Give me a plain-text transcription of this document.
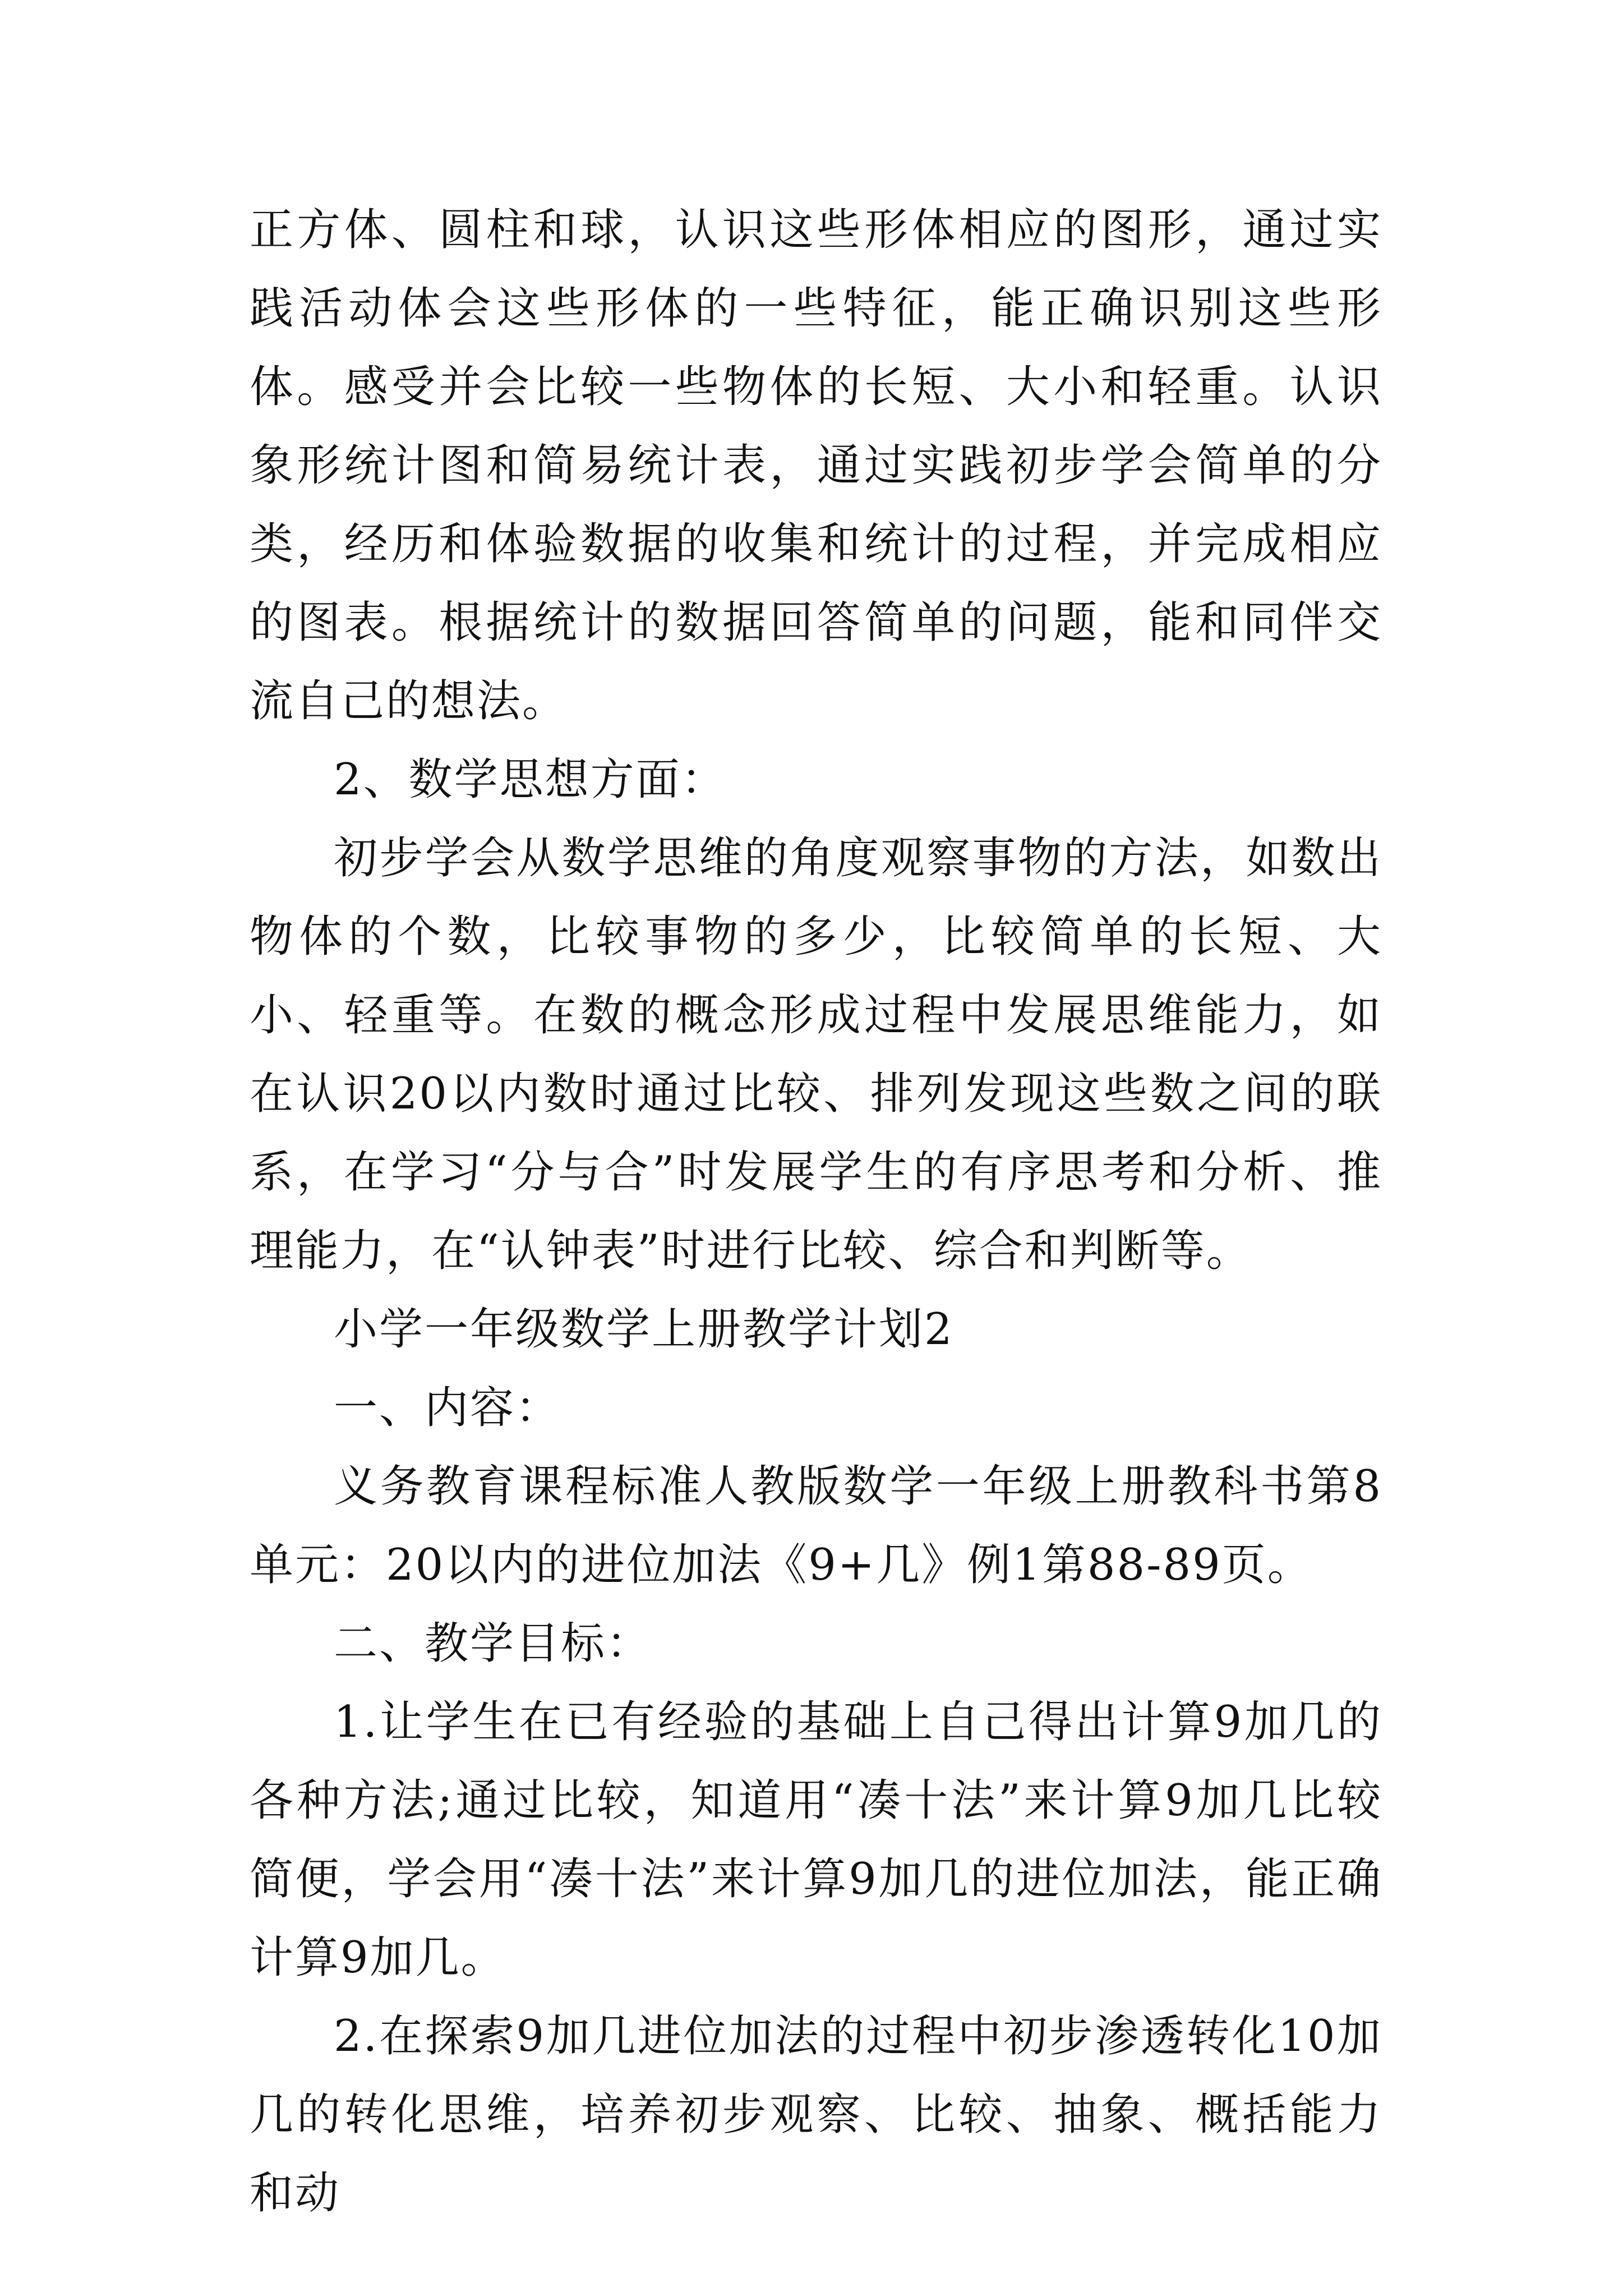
正方体、圆柱和球，认识这些形体相应的图形，通过实践活动体会这些形体的一些特征，能正确识别这些形体。感受并会比较一些物体的长短、大小和轻重。认识象形统计图和简易统计表，通过实践初步学会简单的分类，经历和体验数据的收集和统计的过程，并完成相应的图表。根据统计的数据回答简单的问题，能和同伴交流自己的想法。

2、数学思想方面：

初步学会从数学思维的角度观察事物的方法，如数出物体的个数，比较事物的多少，比较简单的长短、大小、轻重等。在数的概念形成过程中发展思维能力，如在认识20以内数时通过比较、排列发现这些数之间的联系，在学习“分与合”时发展学生的有序思考和分析、推理能力，在“认钟表”时进行比较、综合和判断等。

小学一年级数学上册教学计划2

一、内容：

义务教育课程标准人教版数学一年级上册教科书第8单元：20以内的进位加法《9+几》例1第88-89页。

二、教学目标：

1.让学生在已有经验的基础上自己得出计算9加几的各种方法;通过比较，知道用“凑十法”来计算9加几比较简便，学会用“凑十法”来计算9加几的进位加法，能正确计算9加几。

2.在探索9加几进位加法的过程中初步渗透转化10加几的转化思维，培养初步观察、比较、抽象、概括能力和动
